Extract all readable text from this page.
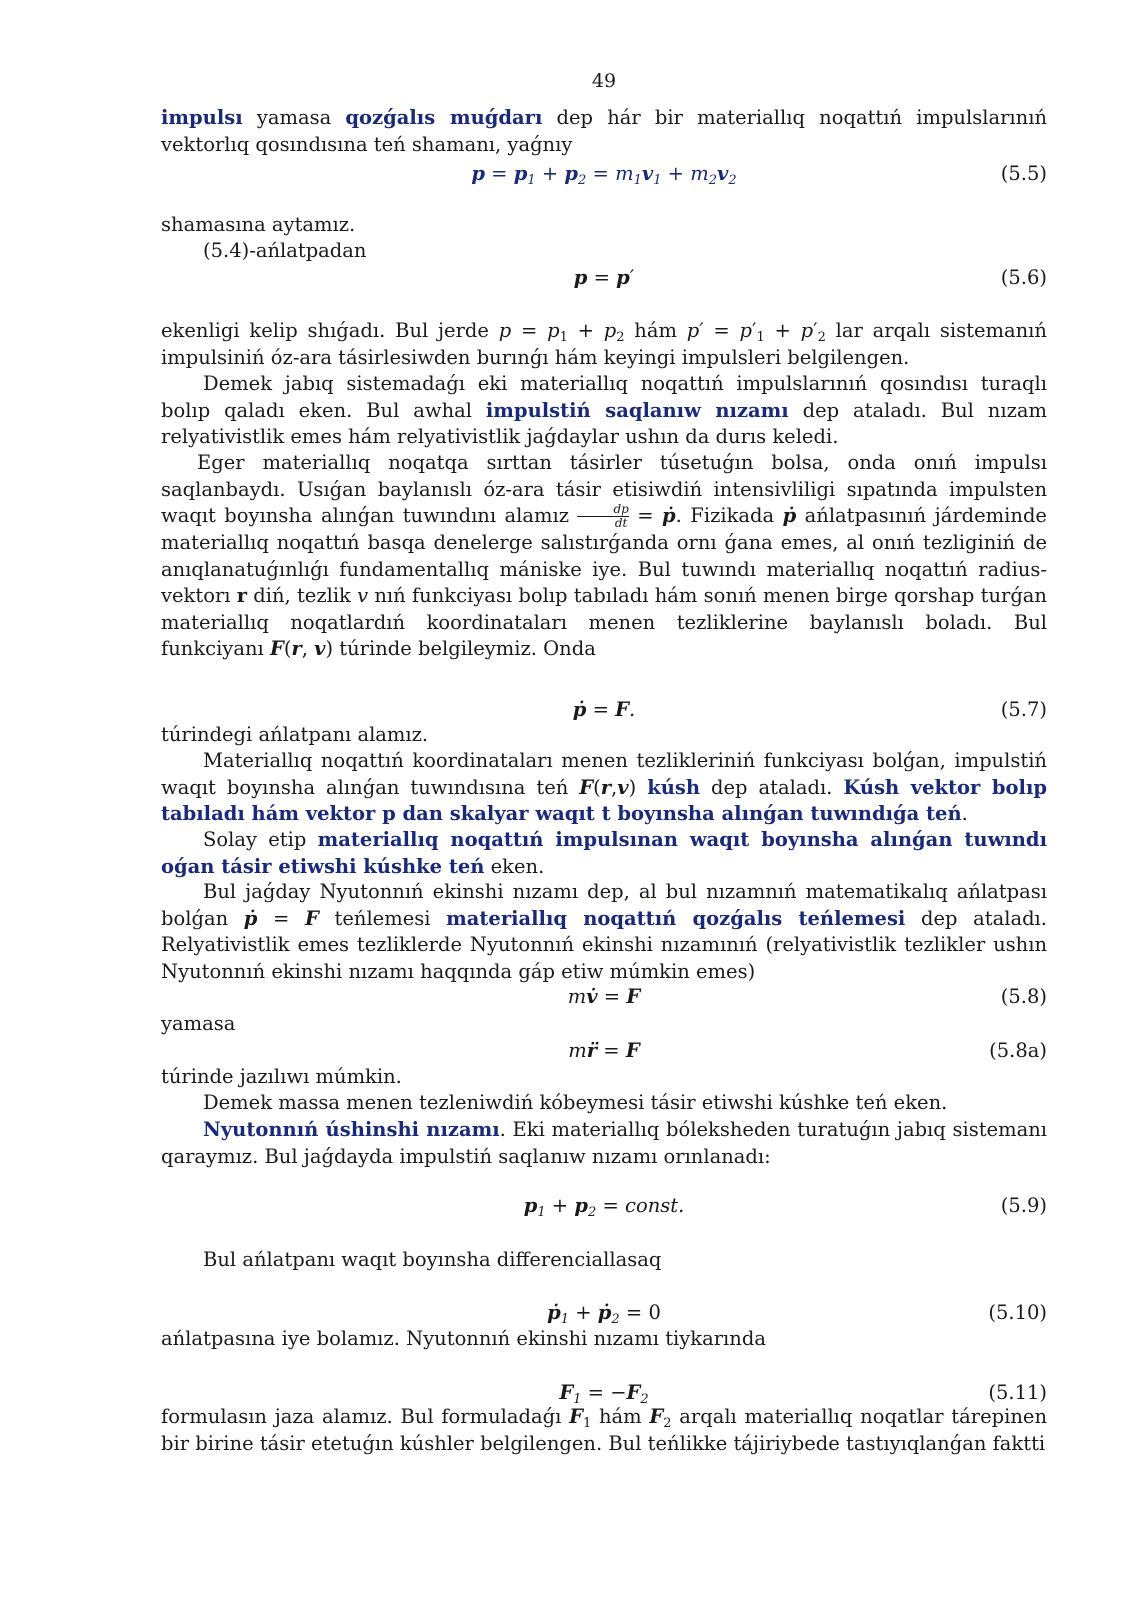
49
impulsı yamasa qozǵalıs muǵdarı dep hár bir materiallıq noqattıń impulslarınıń vektorlıq qosındısına teń shamanı, yaǵnıy
$p = p_1 + p_2 = m_1v_1 + m_2v_2$	(5.5)
shamasına aytamız.
(5.4)-ańlatpadan
p = p′	(5.6)
ekenligi kelip shıǵadı. Bul jerde $p = p_1 + p_2$ hám $p' = p'_1 + p'_2$ lar arqalı sistemanıń impulsiniń óz-ara tásirlesiwden burınǵı hám keyingi impulsleri belgilengen.
Demek jabıq sistemadaǵı eki materiallıq noqattıń impulslarınıń qosındısı turaqlı bolıp qaladı eken. Bul awhal impulstiń saqlanıw nızamı dep ataladı. Bul nızam relyativistlik emes hám relyativistlik jaǵdaylar ushın da durıs keledi.
Eger materiallıq noqatqa sırttan tásirler túsetuǵın bolsa, onda onıń impulsı saqlanbaydı. Usıǵan baylanıslı óz-ara tásir etisiwdiń intensivliligi sıpatında impulsten waqıt boyınsha alınǵan tuwındını alamız $\frac{dp}{dt}$ = ṗ. Fizikada ṗ ańlatpasınıń járdeminde materiallıq noqattıń basqa denelerge salıstırǵanda ornı ǵana emes, al onıń tezliginiń de anıqlanatuǵınlıǵı fundamentallıq mániske iye. Bul tuwındı materiallıq noqattıń radius-vektorı r diń, tezlik v nıń funkciyası bolıp tabıladı hám sonıń menen birge qorshap turǵan materiallıq noqatlardıń koordinataları menen tezliklerine baylanıslı boladı. Bul funkciyanı F(r, v) túrinde belgileymiz. Onda
ṗ = F.	(5.7)
túrindegi ańlatpanı alamız.
Materiallıq noqattıń koordinataları menen tezlikleriniń funkciyası bolǵan, impulstiń waqıt boyınsha alınǵan tuwındısına teń F(r,v) kúsh dep ataladı. Kúsh vektor bolıp tabıladı hám vektor p dan skalyar waqıt t boyınsha alınǵan tuwındıǵa teń.
Solay etip materiallıq noqattıń impulsınan waqıt boyınsha alınǵan tuwındı oǵan tásir etiwshi kúshke teń eken.
Bul jaǵday Nyutonnıń ekinshi nızamı dep, al bul nızamnıń matematikalıq ańlatpası bolǵan ṗ = F teńlemesi materiallıq noqattıń qozǵalıs teńlemesi dep ataladı. Relyativistlik emes tezliklerde Nyutonnıń ekinshi nızamınıń (relyativistlik tezlikler ushın Nyutonnıń ekinshi nızamı haqqında gáp etiw múmkin emes)
mv̇ = F	(5.8)
yamasa
mr̈ = F	(5.8a)
túrinde jazılıwı múmkin.
Demek massa menen tezleniwdiń kóbeymesi tásir etiwshi kúshke teń eken.
Nyutonnıń úshinshi nızamı. Eki materiallıq bólekshеden turatuǵın jabıq sistemanı qaraymız. Bul jaǵdayda impulstiń saqlanıw nızamı orınlanadı:
$p_1 + p_2$ = const.	(5.9)
Bul ańlatpanı waqıt boyınsha differenciallasaq
ṗ$_1$ + ṗ$_2$ = 0	(5.10)
ańlatpasına iye bolamız. Nyutonnıń ekinshi nızamı tiykarında
$F_1 = -F_2$	(5.11)
formulasın jaza alamız. Bul formuladaǵı $F_1$ hám $F_2$ arqalı materiallıq noqatlar tárepinen bir birine tásir etetuǵın kúshler belgilengen. Bul teńlikke tájiriybede tastıyıqlanǵan faktti
